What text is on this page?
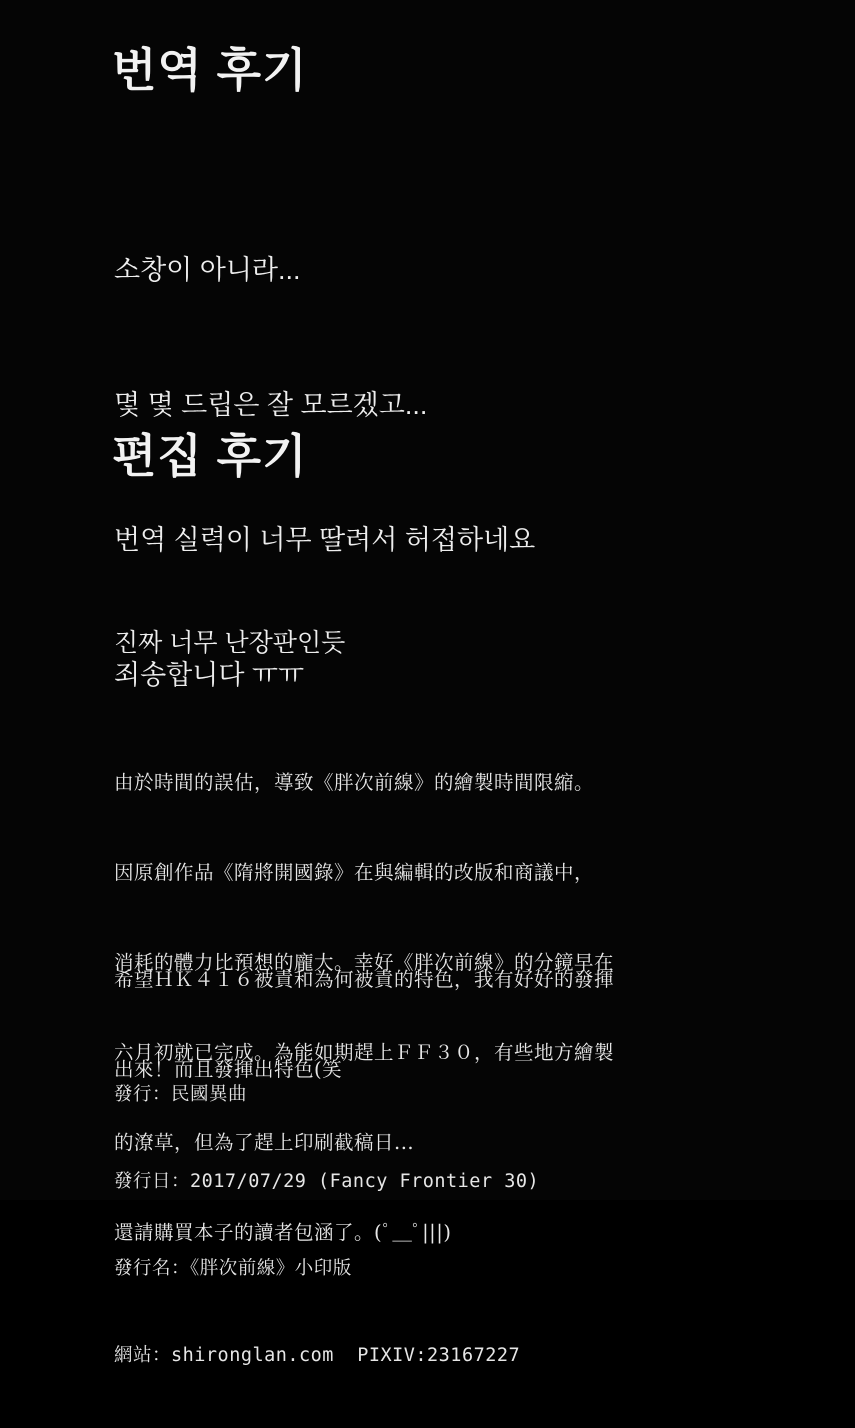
번역 후기

소창이 아니라...

몇 몇 드립은 잘 모르겠고...

번역 실력이 너무 딸려서 허접하네요

죄송합니다 ㅠㅠ

편집 후기

진짜 너무 난장판인듯

由於時間的誤估，導致《胖次前線》的繪製時間限縮。

因原創作品《隋將開國錄》在與編輯的改版和商議中，

消耗的體力比預想的龐大。幸好《胖次前線》的分鏡早在

六月初就已完成。為能如期趕上ＦＦ３０，有些地方繪製

的潦草，但為了趕上印刷截稿日...

還請購買本子的讀者包涵了。(ﾟ＿ﾟ|||)

希望ＨＫ４１６被責和為何被責的特色，我有好好的發揮

出來！而且發揮出特色(笑

發行：民國異曲

發行日：2017/07/29 (Fancy Frontier 30)

發行名：《胖次前線》小印版

網站：shironglan.com  PIXIV:23167227
